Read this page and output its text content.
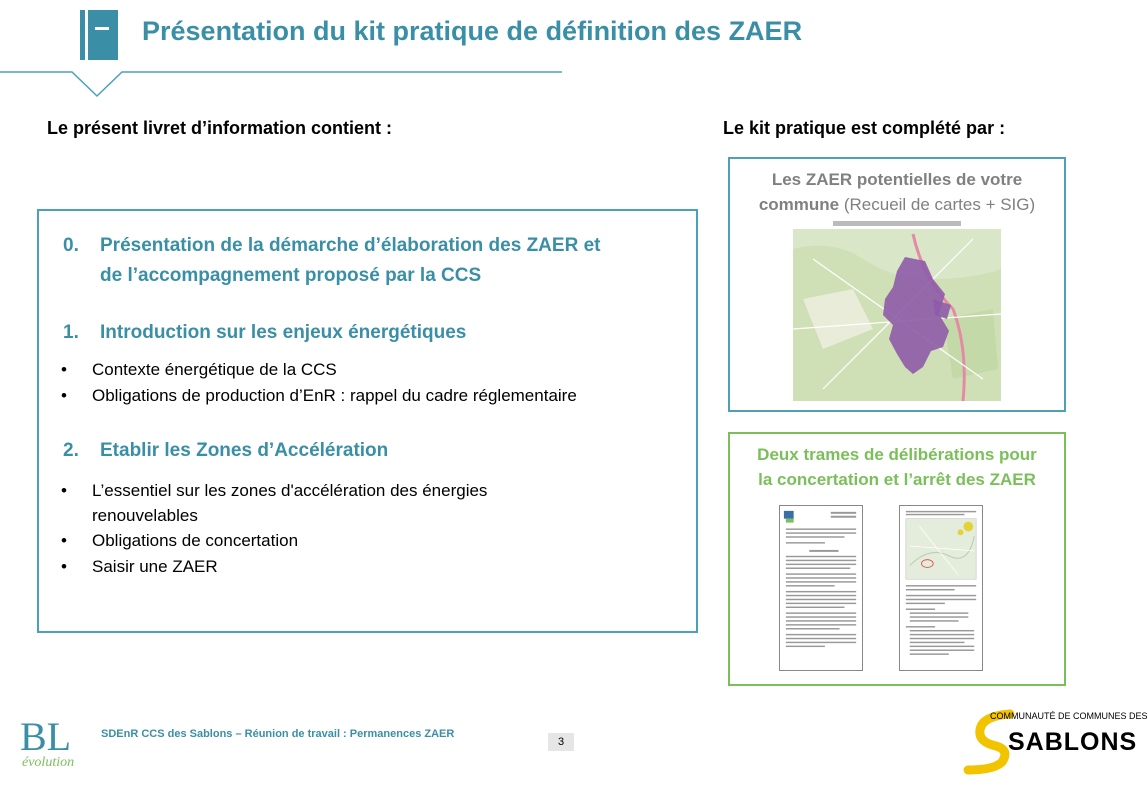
Présentation du kit pratique de définition des ZAER
Le présent livret d’information contient :	Le kit pratique est complété par :
0. Présentation de la démarche d’élaboration des ZAER et
de l’accompagnement proposé par la CCS
1. Introduction sur les enjeux énergétiques
• Contexte énergétique de la CCS
• Obligations de production d’EnR : rappel du cadre réglementaire
2. Etablir les Zones d’Accélération
• L’essentiel sur les zones d'accélération des énergies
renouvelables
• Obligations de concertation
• Saisir une ZAER
Les ZAER potentielles de votre
commune (Recueil de cartes + SIG)
Deux trames de délibérations pour
la concertation et l’arrêt des ZAER
BL
évolution
SDEnR CCS des Sablons – Réunion de travail : Permanences ZAER
3
COMMUNAUTÉ DE COMMUNES DES
SABLONS
